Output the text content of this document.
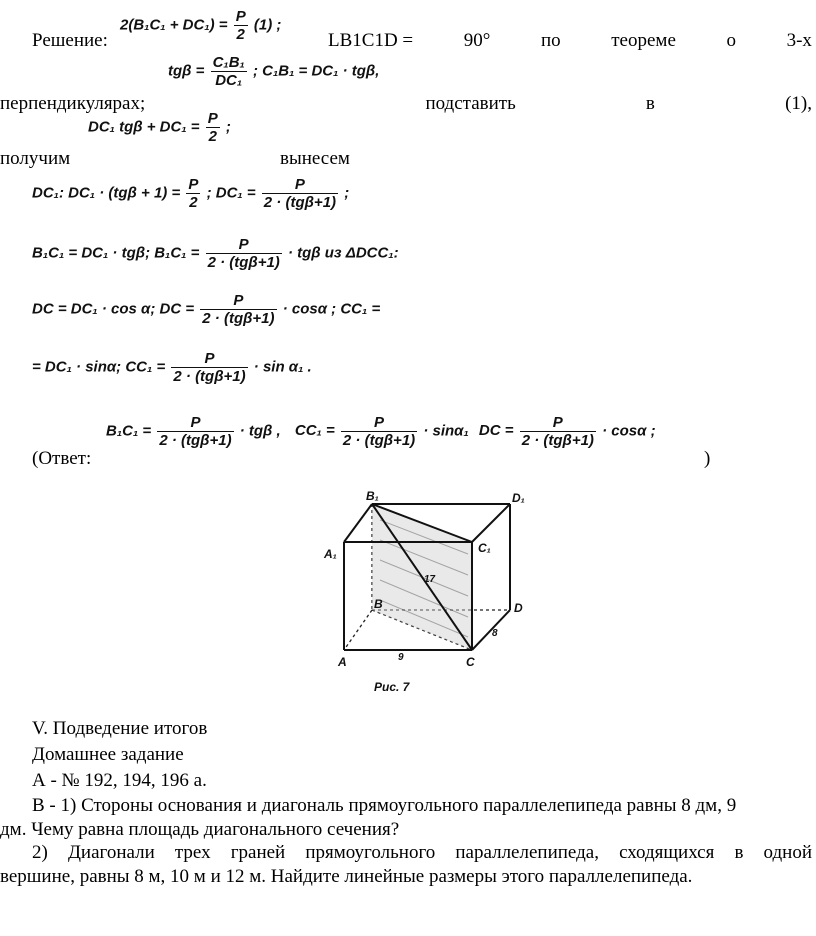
Решение:
$2(B_1C_1 + DC_1) = \frac{P}{2} (1)$ ;
LB1C1D =	90°	по	теореме	о	3-х
$tg\beta = \frac{\text{C₁B₁}}{\text{DC₁}}$ ; C₁B₁ = DC₁ · tgβ,
перпендикулярах;	подставить	в	(1),
DC₁ $tg\beta + DC_1 = \frac{P}{2}$ ;
получим	вынесем
DC₁: $DC_1 \cdot (tg\beta + 1) = \frac{P}{2}$ ; $DC_1 = \frac{P}{\text{2 · (tgβ+1)}}$ ;
B₁C₁ = DC₁ · tgβ; $B_1C_1 = \frac{P}{\text{2 · (tgβ+1)}} \cdot tg\beta$ из ΔDCC₁:
DC = DC₁ · cos α; DC = $\frac{P}{\text{2 · (tgβ+1)}} \cdot \cos\alpha$ ; CC₁ =
= DC₁ · sinα; $CC_1 = \frac{P}{\text{2 · (tgβ+1)}} \cdot \sin \alpha_1$ .
(Ответ:
$B_1C_1 = \frac{P}{\text{2 · (tgβ+1)}} \cdot tg\beta$ , $CC_1 = \frac{P}{\text{2 · (tgβ+1)}} \cdot \sin\alpha_1$ DC = $\frac{P}{\text{2 · (tgβ+1)}} \cdot \cos\alpha$ ;
)
B₁	D₁
A₁	C₁
B	D
A	C
9
8
17
Рис. 7
V. Подведение итогов
Домашнее задание
А - № 192, 194, 196 а.
В - 1) Стороны основания и диагональ прямоугольного параллелепипеда равны 8 дм, 9
дм. Чему равна площадь диагонального сечения?
2) Диагонали трех граней прямоугольного параллелепипеда, сходящихся в одной
вершине, равны 8 м, 10 м и 12 м. Найдите линейные размеры этого параллелепипеда.
